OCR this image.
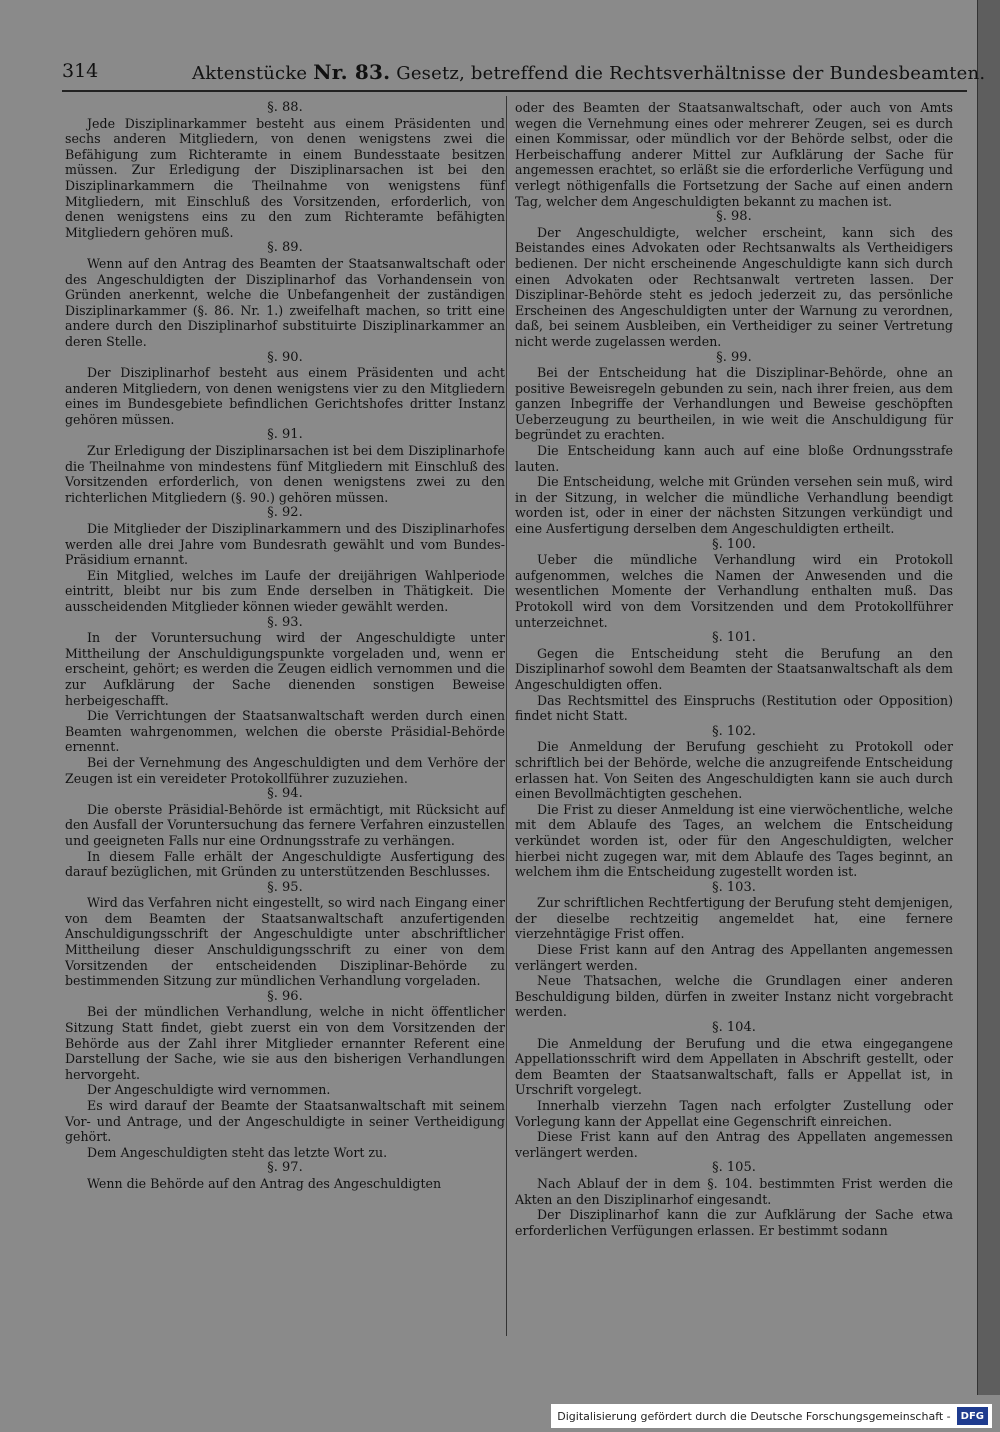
314	Aktenstücke Nr. 83. Gesetz, betreffend die Rechtsverhältnisse der Bundesbeamten.
§. 88.

Jede Disziplinarkammer besteht aus einem Präsidenten und sechs anderen Mitgliedern, von denen wenigstens zwei die Befähigung zum Richteramte in einem Bundesstaate besitzen müssen. Zur Erledigung der Disziplinarsachen ist bei den Disziplinarkammern die Theilnahme von wenigstens fünf Mitgliedern, mit Einschluß des Vorsitzenden, erforderlich, von denen wenigstens eins zu den zum Richteramte befähigten Mitgliedern gehören muß.

§. 89.

Wenn auf den Antrag des Beamten der Staatsanwaltschaft oder des Angeschuldigten der Disziplinarhof das Vorhandensein von Gründen anerkennt, welche die Unbefangenheit der zuständigen Disziplinarkammer (§. 86. Nr. 1.) zweifelhaft machen, so tritt eine andere durch den Disziplinarhof substituirte Disziplinarkammer an deren Stelle.

§. 90.

Der Disziplinarhof besteht aus einem Präsidenten und acht anderen Mitgliedern, von denen wenigstens vier zu den Mitgliedern eines im Bundesgebiete befindlichen Gerichtshofes dritter Instanz gehören müssen.

§. 91.

Zur Erledigung der Disziplinarsachen ist bei dem Disziplinarhofe die Theilnahme von mindestens fünf Mitgliedern mit Einschluß des Vorsitzenden erforderlich, von denen wenigstens zwei zu den richterlichen Mitgliedern (§. 90.) gehören müssen.

§. 92.

Die Mitglieder der Disziplinarkammern und des Disziplinarhofes werden alle drei Jahre vom Bundesrath gewählt und vom Bundes-Präsidium ernannt.

Ein Mitglied, welches im Laufe der dreijährigen Wahlperiode eintritt, bleibt nur bis zum Ende derselben in Thätigkeit. Die ausscheidenden Mitglieder können wieder gewählt werden.

§. 93.

In der Voruntersuchung wird der Angeschuldigte unter Mittheilung der Anschuldigungspunkte vorgeladen und, wenn er erscheint, gehört; es werden die Zeugen eidlich vernommen und die zur Aufklärung der Sache dienenden sonstigen Beweise herbeigeschafft.

Die Verrichtungen der Staatsanwaltschaft werden durch einen Beamten wahrgenommen, welchen die oberste Präsidial-Behörde ernennt.

Bei der Vernehmung des Angeschuldigten und dem Verhöre der Zeugen ist ein vereideter Protokollführer zuzuziehen.

§. 94.

Die oberste Präsidial-Behörde ist ermächtigt, mit Rücksicht auf den Ausfall der Voruntersuchung das fernere Verfahren einzustellen und geeigneten Falls nur eine Ordnungsstrafe zu verhängen.

In diesem Falle erhält der Angeschuldigte Ausfertigung des darauf bezüglichen, mit Gründen zu unterstützenden Beschlusses.

§. 95.

Wird das Verfahren nicht eingestellt, so wird nach Eingang einer von dem Beamten der Staatsanwaltschaft anzufertigenden Anschuldigungsschrift der Angeschuldigte unter abschriftlicher Mittheilung dieser Anschuldigungsschrift zu einer von dem Vorsitzenden der entscheidenden Disziplinar-Behörde zu bestimmenden Sitzung zur mündlichen Verhandlung vorgeladen.

§. 96.

Bei der mündlichen Verhandlung, welche in nicht öffentlicher Sitzung Statt findet, giebt zuerst ein von dem Vorsitzenden der Behörde aus der Zahl ihrer Mitglieder ernannter Referent eine Darstellung der Sache, wie sie aus den bisherigen Verhandlungen hervorgeht.

Der Angeschuldigte wird vernommen.

Es wird darauf der Beamte der Staatsanwaltschaft mit seinem Vor- und Antrage, und der Angeschuldigte in seiner Vertheidigung gehört.

Dem Angeschuldigten steht das letzte Wort zu.

§. 97.

Wenn die Behörde auf den Antrag des Angeschuldigten

oder des Beamten der Staatsanwaltschaft, oder auch von Amts wegen die Vernehmung eines oder mehrerer Zeugen, sei es durch einen Kommissar, oder mündlich vor der Behörde selbst, oder die Herbeischaffung anderer Mittel zur Aufklärung der Sache für angemessen erachtet, so erläßt sie die erforderliche Verfügung und verlegt nöthigenfalls die Fortsetzung der Sache auf einen andern Tag, welcher dem Angeschuldigten bekannt zu machen ist.

§. 98.

Der Angeschuldigte, welcher erscheint, kann sich des Beistandes eines Advokaten oder Rechtsanwalts als Vertheidigers bedienen. Der nicht erscheinende Angeschuldigte kann sich durch einen Advokaten oder Rechtsanwalt vertreten lassen. Der Disziplinar-Behörde steht es jedoch jederzeit zu, das persönliche Erscheinen des Angeschuldigten unter der Warnung zu verordnen, daß, bei seinem Ausbleiben, ein Vertheidiger zu seiner Vertretung nicht werde zugelassen werden.

§. 99.

Bei der Entscheidung hat die Disziplinar-Behörde, ohne an positive Beweisregeln gebunden zu sein, nach ihrer freien, aus dem ganzen Inbegriffe der Verhandlungen und Beweise geschöpften Ueberzeugung zu beurtheilen, in wie weit die Anschuldigung für begründet zu erachten.

Die Entscheidung kann auch auf eine bloße Ordnungsstrafe lauten.

Die Entscheidung, welche mit Gründen versehen sein muß, wird in der Sitzung, in welcher die mündliche Verhandlung beendigt worden ist, oder in einer der nächsten Sitzungen verkündigt und eine Ausfertigung derselben dem Angeschuldigten ertheilt.

§. 100.

Ueber die mündliche Verhandlung wird ein Protokoll aufgenommen, welches die Namen der Anwesenden und die wesentlichen Momente der Verhandlung enthalten muß. Das Protokoll wird von dem Vorsitzenden und dem Protokollführer unterzeichnet.

§. 101.

Gegen die Entscheidung steht die Berufung an den Disziplinarhof sowohl dem Beamten der Staatsanwaltschaft als dem Angeschuldigten offen.

Das Rechtsmittel des Einspruchs (Restitution oder Opposition) findet nicht Statt.

§. 102.

Die Anmeldung der Berufung geschieht zu Protokoll oder schriftlich bei der Behörde, welche die anzugreifende Entscheidung erlassen hat. Von Seiten des Angeschuldigten kann sie auch durch einen Bevollmächtigten geschehen.

Die Frist zu dieser Anmeldung ist eine vierwöchentliche, welche mit dem Ablaufe des Tages, an welchem die Entscheidung verkündet worden ist, oder für den Angeschuldigten, welcher hierbei nicht zugegen war, mit dem Ablaufe des Tages beginnt, an welchem ihm die Entscheidung zugestellt worden ist.

§. 103.

Zur schriftlichen Rechtfertigung der Berufung steht demjenigen, der dieselbe rechtzeitig angemeldet hat, eine fernere vierzehntägige Frist offen.

Diese Frist kann auf den Antrag des Appellanten angemessen verlängert werden.

Neue Thatsachen, welche die Grundlagen einer anderen Beschuldigung bilden, dürfen in zweiter Instanz nicht vorgebracht werden.

§. 104.

Die Anmeldung der Berufung und die etwa eingegangene Appellationsschrift wird dem Appellaten in Abschrift gestellt, oder dem Beamten der Staatsanwaltschaft, falls er Appellat ist, in Urschrift vorgelegt.

Innerhalb vierzehn Tagen nach erfolgter Zustellung oder Vorlegung kann der Appellat eine Gegenschrift einreichen.

Diese Frist kann auf den Antrag des Appellaten angemessen verlängert werden.

§. 105.

Nach Ablauf der in dem §. 104. bestimmten Frist werden die Akten an den Disziplinarhof eingesandt.

Der Disziplinarhof kann die zur Aufklärung der Sache etwa erforderlichen Verfügungen erlassen. Er bestimmt sodann

Digitalisierung gefördert durch die Deutsche Forschungsgemeinschaft -	DFG
